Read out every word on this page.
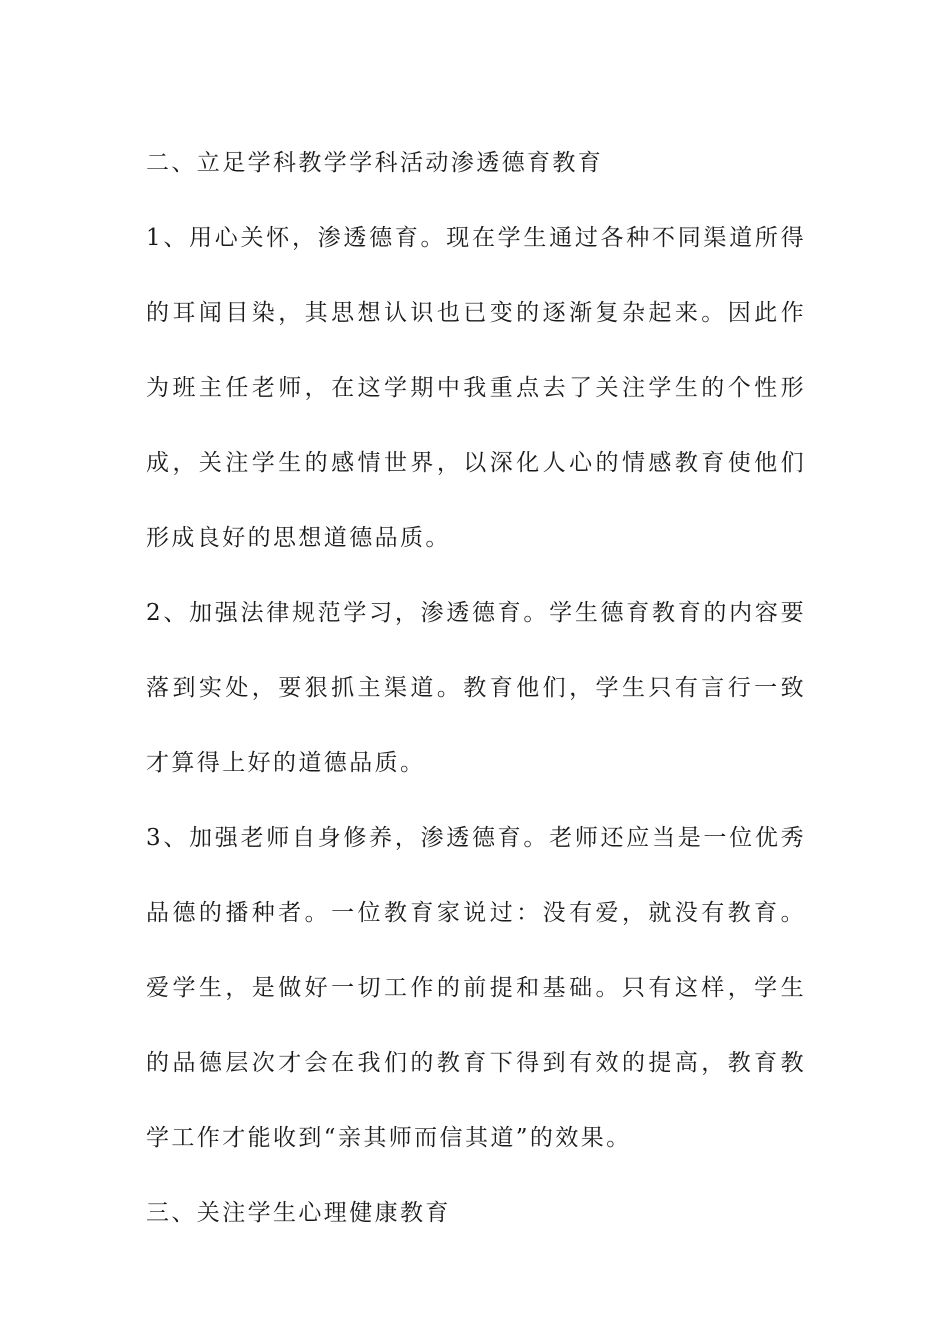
二、立足学科教学学科活动渗透德育教育

1、用心关怀，渗透德育。现在学生通过各种不同渠道所得的耳闻目染，其思想认识也已变的逐渐复杂起来。因此作为班主任老师，在这学期中我重点去了关注学生的个性形成，关注学生的感情世界，以深化人心的情感教育使他们形成良好的思想道德品质。

2、加强法律规范学习，渗透德育。学生德育教育的内容要落到实处，要狠抓主渠道。教育他们，学生只有言行一致才算得上好的道德品质。

3、加强老师自身修养，渗透德育。老师还应当是一位优秀品德的播种者。一位教育家说过：没有爱，就没有教育。爱学生，是做好一切工作的前提和基础。只有这样，学生的品德层次才会在我们的教育下得到有效的提高，教育教学工作才能收到“亲其师而信其道”的效果。

三、关注学生心理健康教育
